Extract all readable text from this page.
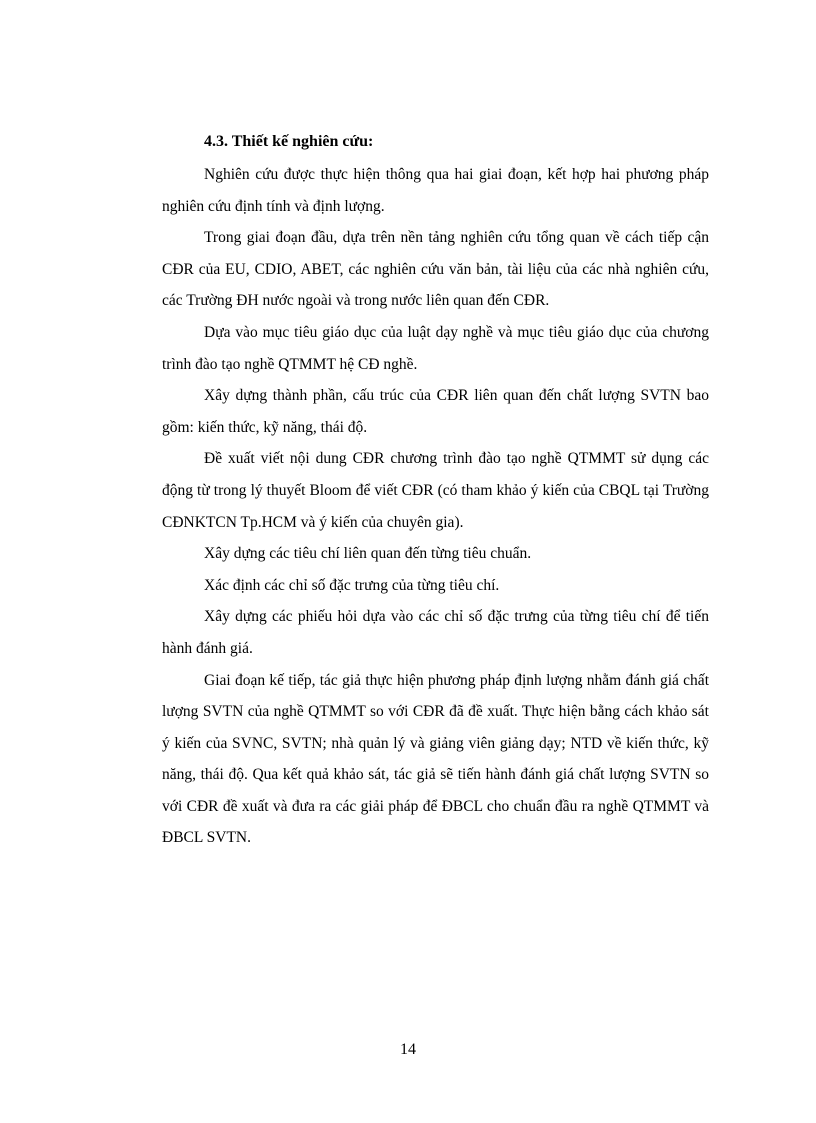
4.3. Thiết kế nghiên cứu:

Nghiên cứu được thực hiện thông qua hai giai đoạn, kết hợp hai phương pháp nghiên cứu định tính và định lượng.

Trong giai đoạn đầu, dựa trên nền tảng nghiên cứu tổng quan về cách tiếp cận CĐR của EU, CDIO, ABET, các nghiên cứu văn bản, tài liệu của các nhà nghiên cứu, các Trường ĐH nước ngoài và trong nước liên quan đến CĐR.

Dựa vào mục tiêu giáo dục của luật dạy nghề và mục tiêu giáo dục của chương trình đào tạo nghề QTMMT hệ CĐ nghề.

Xây dựng thành phần, cấu trúc của CĐR liên quan đến chất lượng SVTN bao gồm: kiến thức, kỹ năng, thái độ.

Đề xuất viết nội dung CĐR chương trình đào tạo nghề QTMMT sử dụng các động từ trong lý thuyết Bloom để viết CĐR (có tham khảo ý kiến của CBQL tại Trường CĐNKTCN Tp.HCM và ý kiến của chuyên gia).

Xây dựng các tiêu chí liên quan đến từng tiêu chuẩn.

Xác định các chỉ số đặc trưng của từng tiêu chí.

Xây dựng các phiếu hỏi dựa vào các chỉ số đặc trưng của từng tiêu chí để tiến hành đánh giá.

Giai đoạn kế tiếp, tác giả thực hiện phương pháp định lượng nhằm đánh giá chất lượng SVTN của nghề QTMMT so với CĐR đã đề xuất. Thực hiện bằng cách khảo sát ý kiến của SVNC, SVTN; nhà quản lý và giảng viên giảng dạy; NTD về kiến thức, kỹ năng, thái độ. Qua kết quả khảo sát, tác giả sẽ tiến hành đánh giá chất lượng SVTN so với CĐR đề xuất và đưa ra các giải pháp để ĐBCL cho chuẩn đầu ra nghề QTMMT và ĐBCL SVTN.

14
